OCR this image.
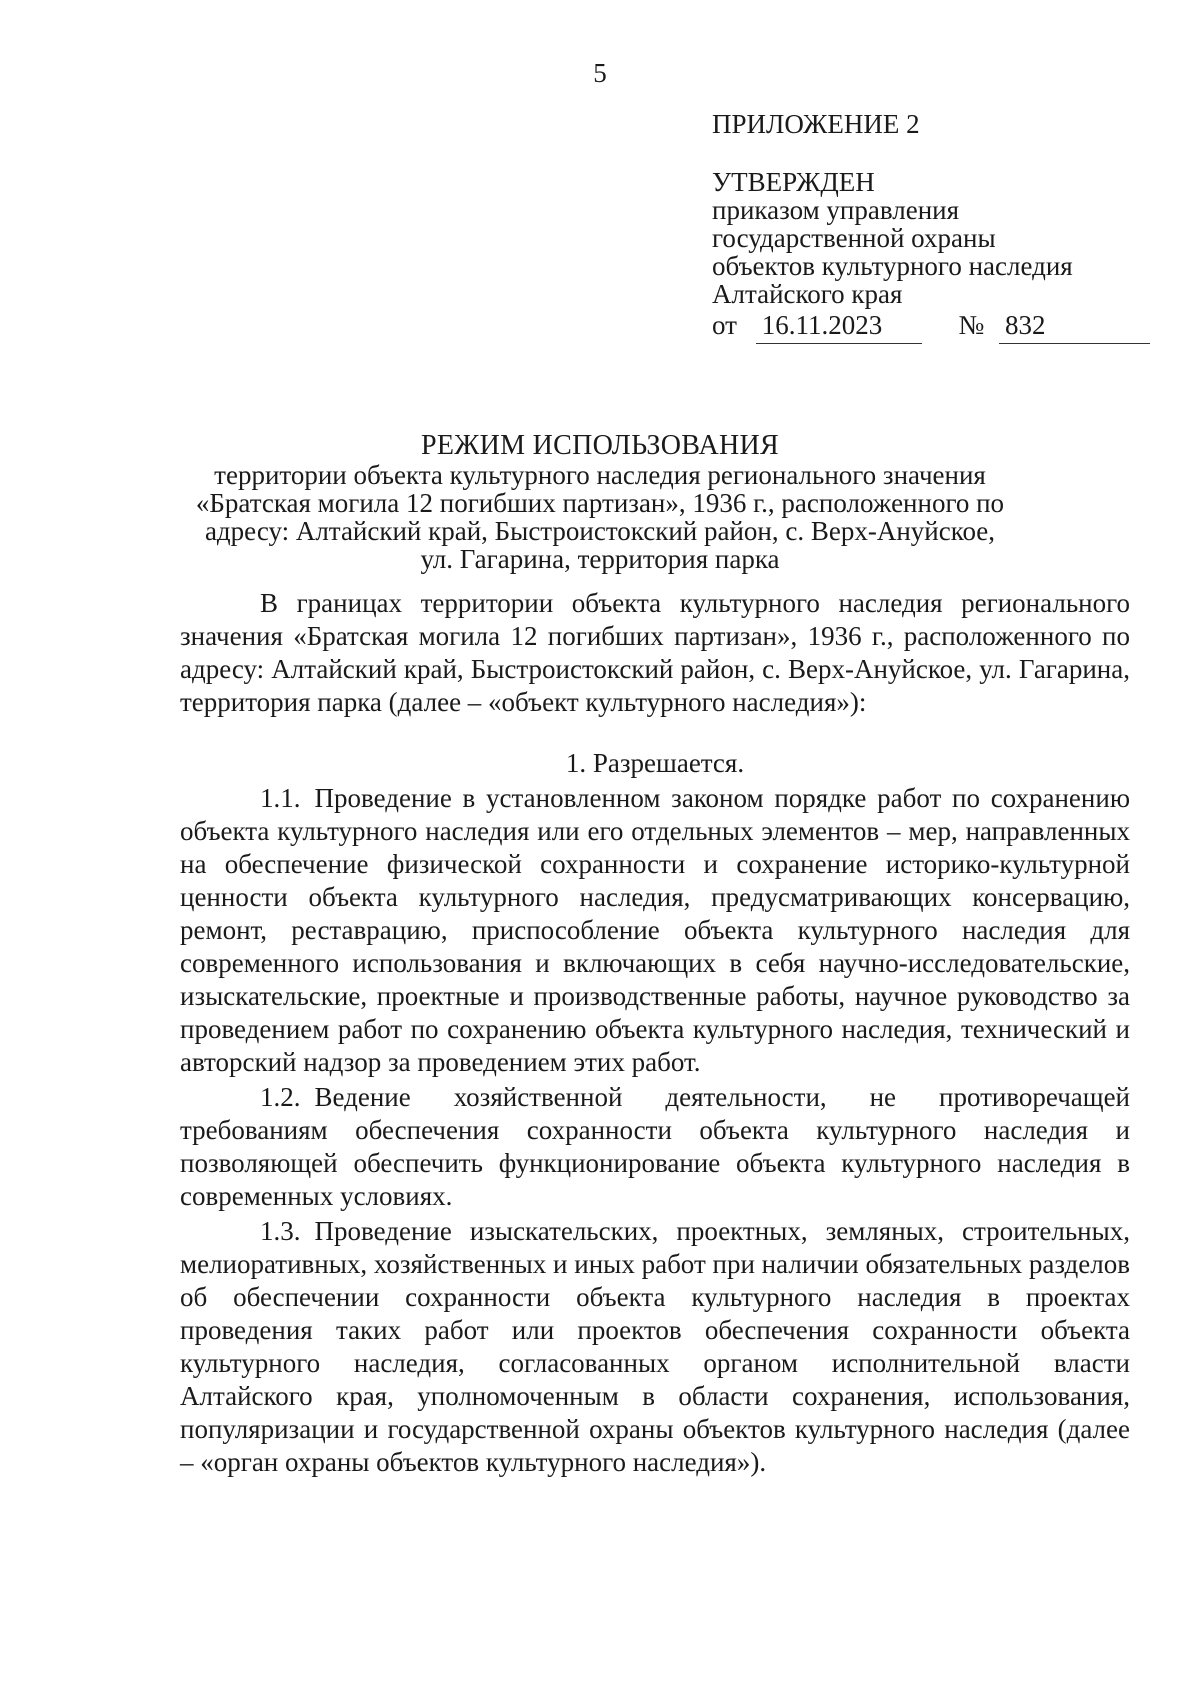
5
ПРИЛОЖЕНИЕ 2
УТВЕРЖДЕН
приказом управления
государственной охраны
объектов культурного наследия
Алтайского края
от 16.11.2023	№ 832
РЕЖИМ ИСПОЛЬЗОВАНИЯ
территории объекта культурного наследия регионального значения
«Братская могила 12 погибших партизан», 1936 г., расположенного по
адресу: Алтайский край, Быстроистокский район, с. Верх-Ануйское,
ул. Гагарина, территория парка

В границах территории объекта культурного наследия регионального значения «Братская могила 12 погибших партизан», 1936 г., расположенного по адресу: Алтайский край, Быстроистокский район, с. Верх-Ануйское, ул. Гагарина, территория парка (далее – «объект культурного наследия»):

1. Разрешается.

1.1. Проведение в установленном законом порядке работ по сохранению объекта культурного наследия или его отдельных элементов – мер, направленных на обеспечение физической сохранности и сохранение историко-культурной ценности объекта культурного наследия, предусматривающих консервацию, ремонт, реставрацию, приспособление объекта культурного наследия для современного использования и включающих в себя научно-исследовательские, изыскательские, проектные и производственные работы, научное руководство за проведением работ по сохранению объекта культурного наследия, технический и авторский надзор за проведением этих работ.

1.2. Ведение хозяйственной деятельности, не противоречащей требованиям обеспечения сохранности объекта культурного наследия и позволяющей обеспечить функционирование объекта культурного наследия в современных условиях.

1.3. Проведение изыскательских, проектных, земляных, строительных, мелиоративных, хозяйственных и иных работ при наличии обязательных разделов об обеспечении сохранности объекта культурного наследия в проектах проведения таких работ или проектов обеспечения сохранности объекта культурного наследия, согласованных органом исполнительной власти Алтайского края, уполномоченным в области сохранения, использования, популяризации и государственной охраны объектов культурного наследия (далее – «орган охраны объектов культурного наследия»).
